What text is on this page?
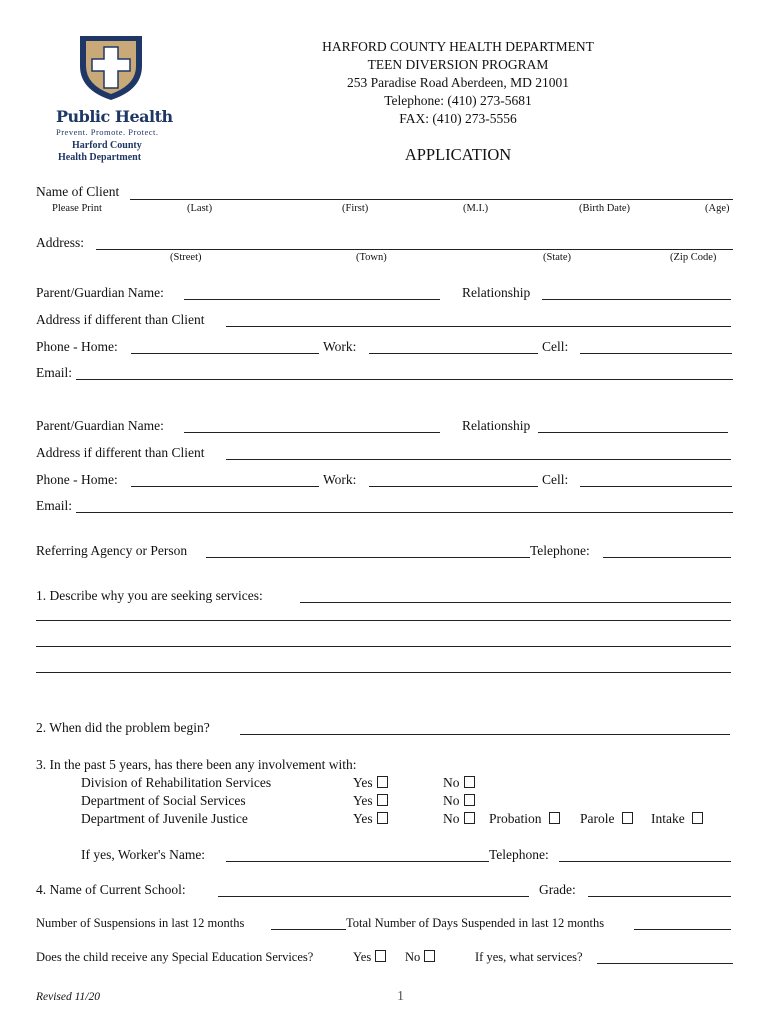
Public Health
Prevent. Promote. Protect.
Harford County
Health Department
HARFORD COUNTY HEALTH DEPARTMENT
TEEN DIVERSION PROGRAM
253 Paradise Road Aberdeen, MD 21001
Telephone: (410) 273-5681
FAX: (410) 273-5556
APPLICATION
Name of Client
Please Print	(Last)	(First)	(M.I.)	(Birth Date)	(Age)
Address:
(Street)	(Town)	(State)	(Zip Code)
Parent/Guardian Name:	Relationship
Address if different than Client
Phone - Home:	Work:	Cell:
Email:
Parent/Guardian Name:	Relationship
Address if different than Client
Phone - Home:	Work:	Cell:
Email:
Referring Agency or Person	Telephone:
1. Describe why you are seeking services:
2. When did the problem begin?
3. In the past 5 years, has there been any involvement with:
Division of Rehabilitation Services	Yes	No
Department of Social Services	Yes	No
Department of Juvenile Justice	Yes	No	Probation	Parole	Intake
If yes, Worker's Name:	Telephone:
4. Name of Current School:	Grade:
Number of Suspensions in last 12 months	Total Number of Days Suspended in last 12 months
Does the child receive any Special Education Services?	Yes	No	If yes, what services?
Revised 11/20	1
